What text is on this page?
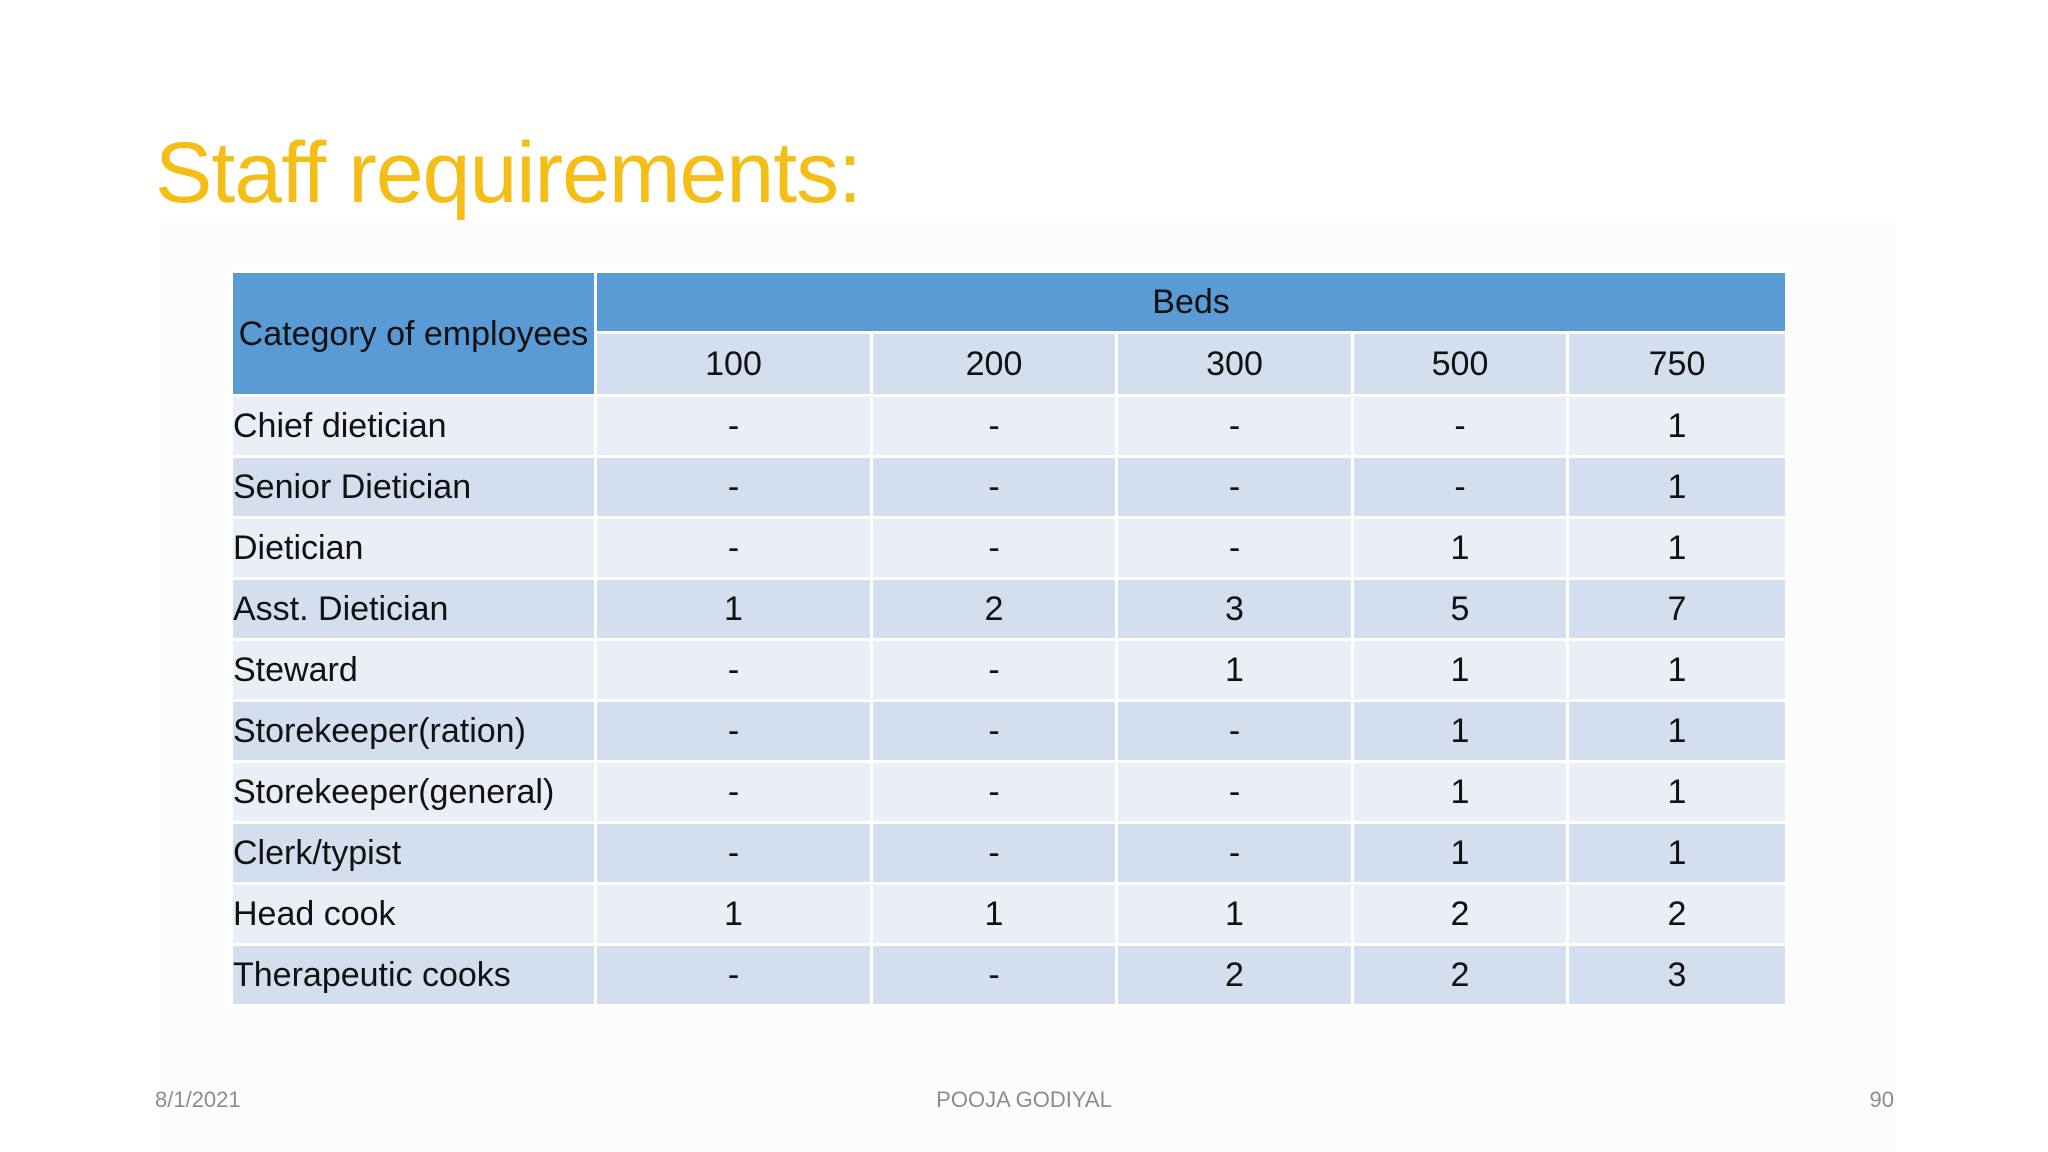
Staff requirements:
Category of employees	Beds				
	100	200	300	500	750
Chief dietician	-	-	-	-	1
Senior Dietician	-	-	-	-	1
Dietician	-	-	-	1	1
Asst. Dietician	1	2	3	5	7
Steward	-	-	1	1	1
Storekeeper(ration)	-	-	-	1	1
Storekeeper(general)	-	-	-	1	1
Clerk/typist	-	-	-	1	1
Head cook	1	1	1	2	2
Therapeutic cooks	-	-	2	2	3
8/1/2021	POOJA GODIYAL	90
